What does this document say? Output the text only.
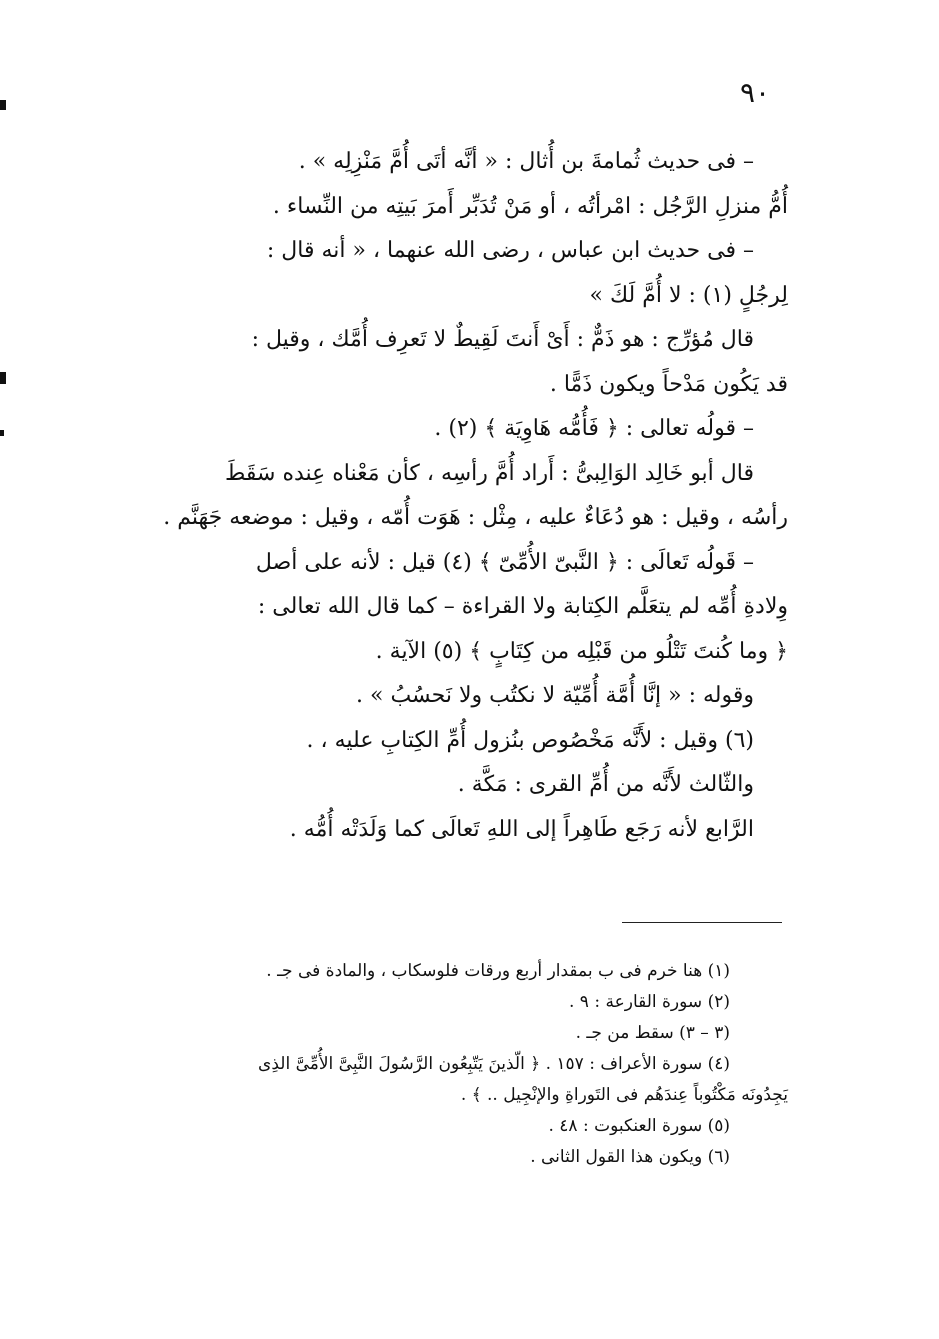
٩٠

– فى حديث ثُمامةَ بن أُثال : « أنَّه أتَى أُمَّ مَنْزِلِه » .

أُمُّ منزلِ الرَّجُل : امْرأتُه ، أو مَنْ تُدَبِّر أَمرَ بَيتِه من النِّساء .

– فى حديث ابن عباس ، رضى الله عنهما ، « أنه قال :

لِرجُلٍ (١) : لا أُمَّ لَكَ »

قال مُؤرِّج : هو ذَمٌّ : أَىْ أَنتَ لَقِيطٌ لا تَعرِف أُمَّك ، وقيل :

قد يَكُون مَدْحاً ويكون ذَمًّا .

– قولُه تعالى : ﴿ فَأُمُّه هَاوِيَة ﴾ (٢) .

قال أبو خَالِد الوَالِبىُّ : أَراد أُمَّ رأسِه ، كأن مَعْناه عِنده سَقَطَ

رأسُه ، وقيل : هو دُعَاءٌ عليه ، مِثْل : هَوَت أُمّه ، وقيل : موضعه جَهَنَّم .

– قَولُه تَعالَى : ﴿ النَّبىّ الأُمِّىّ ﴾ (٤) قيل : لأنه على أصل

وِلادةِ أُمِّه لم يتعَلَّم الكِتابة ولا القراءة – كما قال الله تعالى :

﴿ وما كُنتَ تَتْلُو من قَبْلِه من كِتَابٍ ﴾ (٥) الآية .

وقوله : « إنَّا أُمَّة أُمِّيّة لا نكتُب ولا نَحسُبُ » .

(٦) وقيل : لأَنَّه مَخْصُوص بنُزول أُمِّ الكِتابِ عليه ، .

والثّالث لأَنَّه من أُمِّ القرى : مَكَّة .

الرَّابع لأنه رَجَع طَاهِراً إلى اللهِ تَعالَى كما وَلَدَتْه أُمُّه .

(١) هنا خرم فى ب بمقدار أربع ورقات فلوسكاب ، والمادة فى جـ .

(٢) سورة القارعة : ٩ .

(٣ – ٣) سقط من جـ .

(٤) سورة الأعراف : ١٥٧ . ﴿ الّذينَ يَتّبِعُون الرَّسُولَ النَّبِىَّ الأُمِّىَّ الذِى

يَجِدُونَه مَكْتُوباً عِندَهُم فى التَوراةِ والإنْجِيل .. ﴾ .

(٥) سورة العنكبوت : ٤٨ .

(٦) ويكون هذا القول الثانى .
